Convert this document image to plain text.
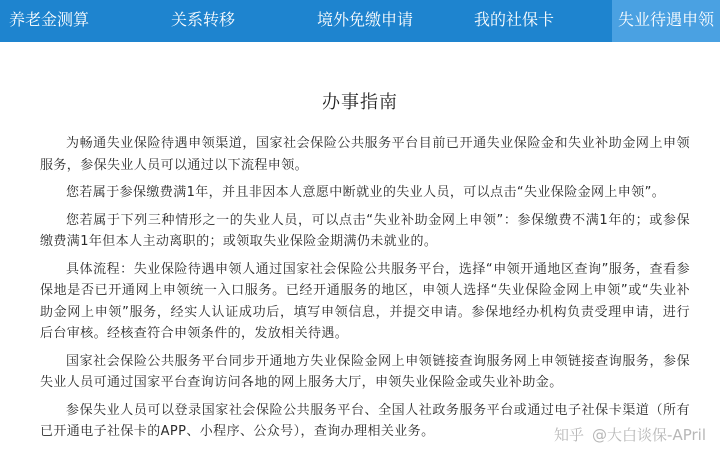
养老金测算	关系转移	境外免缴申请	我的社保卡	失业待遇申领
办事指南

为畅通失业保险待遇申领渠道，国家社会保险公共服务平台目前已开通失业保险金和失业补助金网上申领服务，参保失业人员可以通过以下流程申领。

您若属于参保缴费满1年，并且非因本人意愿中断就业的失业人员，可以点击“失业保险金网上申领”。

您若属于下列三种情形之一的失业人员，可以点击“失业补助金网上申领”：参保缴费不满1年的；或参保缴费满1年但本人主动离职的；或领取失业保险金期满仍未就业的。

具体流程：失业保险待遇申领人通过国家社会保险公共服务平台，选择“申领开通地区查询”服务，查看参保地是否已开通网上申领统一入口服务。已经开通服务的地区，申领人选择“失业保险金网上申领”或“失业补助金网上申领”服务，经实人认证成功后，填写申领信息，并提交申请。参保地经办机构负责受理申请，进行后台审核。经核查符合申领条件的，发放相关待遇。

国家社会保险公共服务平台同步开通地方失业保险金网上申领链接查询服务网上申领链接查询服务，参保失业人员可通过国家平台查询访问各地的网上服务大厅，申领失业保险金或失业补助金。

参保失业人员可以登录国家社会保险公共服务平台、全国人社政务服务平台或通过电子社保卡渠道（所有已开通电子社保卡的APP、小程序、公众号），查询办理相关业务。	知乎 @大白谈保-APril
